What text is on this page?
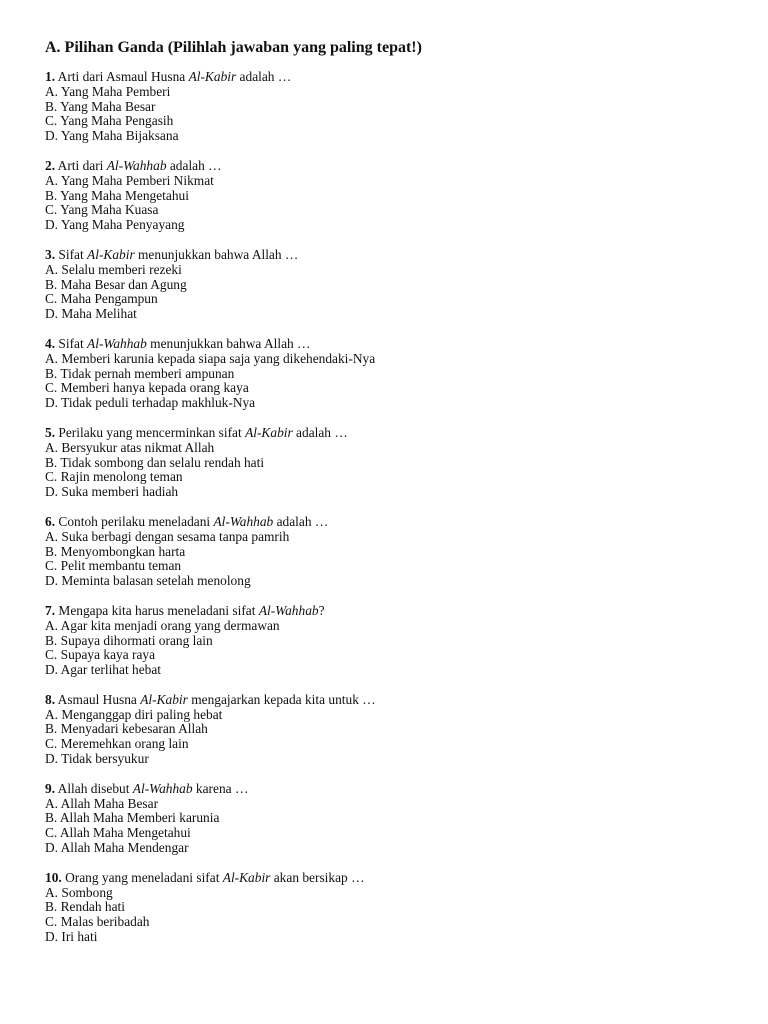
A. Pilihan Ganda (Pilihlah jawaban yang paling tepat!)
1. Arti dari Asmaul Husna Al-Kabir adalah …
A. Yang Maha Pemberi
B. Yang Maha Besar
C. Yang Maha Pengasih
D. Yang Maha Bijaksana
2. Arti dari Al-Wahhab adalah …
A. Yang Maha Pemberi Nikmat
B. Yang Maha Mengetahui
C. Yang Maha Kuasa
D. Yang Maha Penyayang
3. Sifat Al-Kabir menunjukkan bahwa Allah …
A. Selalu memberi rezeki
B. Maha Besar dan Agung
C. Maha Pengampun
D. Maha Melihat
4. Sifat Al-Wahhab menunjukkan bahwa Allah …
A. Memberi karunia kepada siapa saja yang dikehendaki-Nya
B. Tidak pernah memberi ampunan
C. Memberi hanya kepada orang kaya
D. Tidak peduli terhadap makhluk-Nya
5. Perilaku yang mencerminkan sifat Al-Kabir adalah …
A. Bersyukur atas nikmat Allah
B. Tidak sombong dan selalu rendah hati
C. Rajin menolong teman
D. Suka memberi hadiah
6. Contoh perilaku meneladani Al-Wahhab adalah …
A. Suka berbagi dengan sesama tanpa pamrih
B. Menyombongkan harta
C. Pelit membantu teman
D. Meminta balasan setelah menolong
7. Mengapa kita harus meneladani sifat Al-Wahhab?
A. Agar kita menjadi orang yang dermawan
B. Supaya dihormati orang lain
C. Supaya kaya raya
D. Agar terlihat hebat
8. Asmaul Husna Al-Kabir mengajarkan kepada kita untuk …
A. Menganggap diri paling hebat
B. Menyadari kebesaran Allah
C. Meremehkan orang lain
D. Tidak bersyukur
9. Allah disebut Al-Wahhab karena …
A. Allah Maha Besar
B. Allah Maha Memberi karunia
C. Allah Maha Mengetahui
D. Allah Maha Mendengar
10. Orang yang meneladani sifat Al-Kabir akan bersikap …
A. Sombong
B. Rendah hati
C. Malas beribadah
D. Iri hati
